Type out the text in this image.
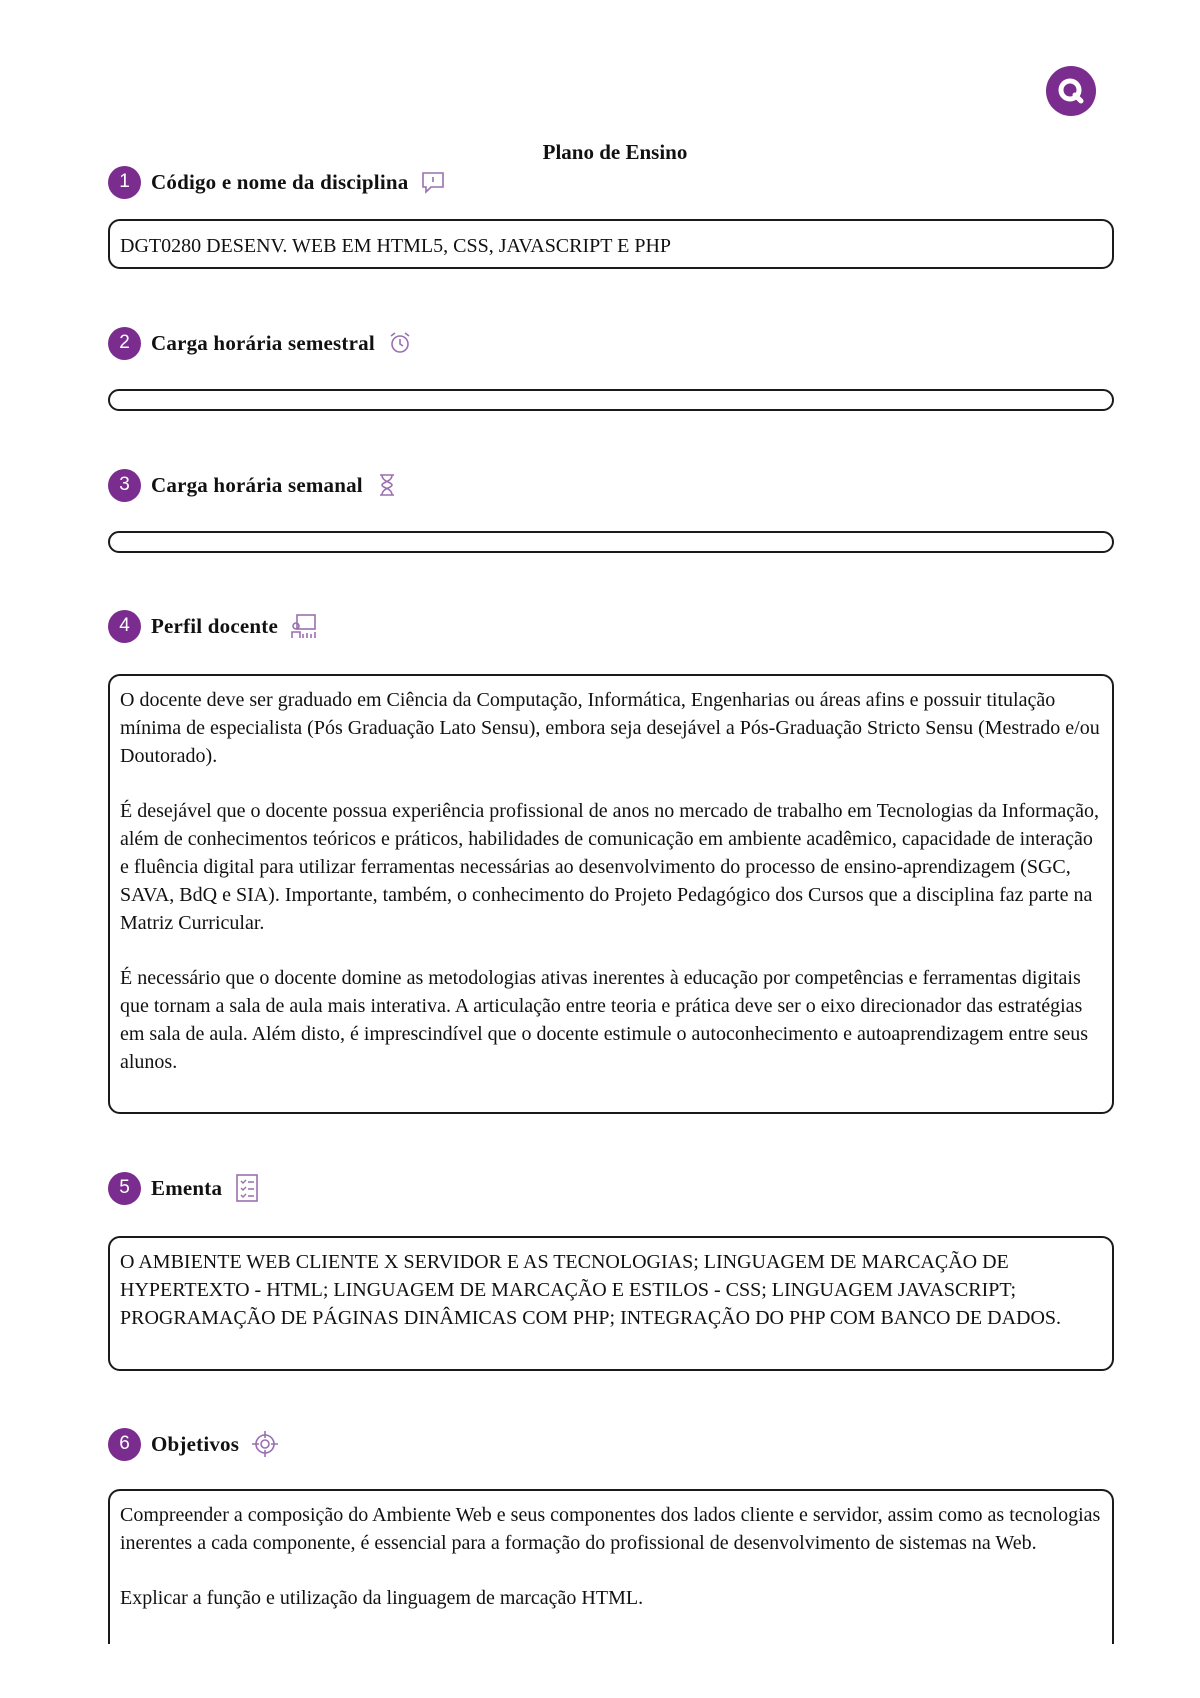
Plano de Ensino
1	Código e nome da disciplina
DGT0280 DESENV. WEB EM HTML5, CSS, JAVASCRIPT E PHP
2	Carga horária semestral
3	Carga horária semanal
4	Perfil docente

O docente deve ser graduado em Ciência da Computação, Informática, Engenharias ou áreas afins e possuir titulação mínima de especialista (Pós Graduação Lato Sensu), embora seja desejável a Pós-Graduação Stricto Sensu (Mestrado e/ou Doutorado).

É desejável que o docente possua experiência profissional de anos no mercado de trabalho em Tecnologias da Informação, além de conhecimentos teóricos e práticos, habilidades de comunicação em ambiente acadêmico, capacidade de interação e fluência digital para utilizar ferramentas necessárias ao desenvolvimento do processo de ensino-aprendizagem (SGC, SAVA, BdQ e SIA). Importante, também, o conhecimento do Projeto Pedagógico dos Cursos que a disciplina faz parte na Matriz Curricular.

É necessário que o docente domine as metodologias ativas inerentes à educação por competências e ferramentas digitais que tornam a sala de aula mais interativa. A articulação entre teoria e prática deve ser o eixo direcionador das estratégias em sala de aula. Além disto, é imprescindível que o docente estimule o autoconhecimento e autoaprendizagem entre seus alunos.

5	Ementa

O AMBIENTE WEB CLIENTE X SERVIDOR E AS TECNOLOGIAS; LINGUAGEM DE MARCAÇÃO DE HYPERTEXTO - HTML; LINGUAGEM DE MARCAÇÃO E ESTILOS - CSS; LINGUAGEM JAVASCRIPT; PROGRAMAÇÃO DE PÁGINAS DINÂMICAS COM PHP; INTEGRAÇÃO DO PHP COM BANCO DE DADOS.

6	Objetivos

Compreender a composição do Ambiente Web e seus componentes dos lados cliente e servidor, assim como as tecnologias inerentes a cada componente, é essencial para a formação do profissional de desenvolvimento de sistemas na Web.

Explicar a função e utilização da linguagem de marcação HTML.
